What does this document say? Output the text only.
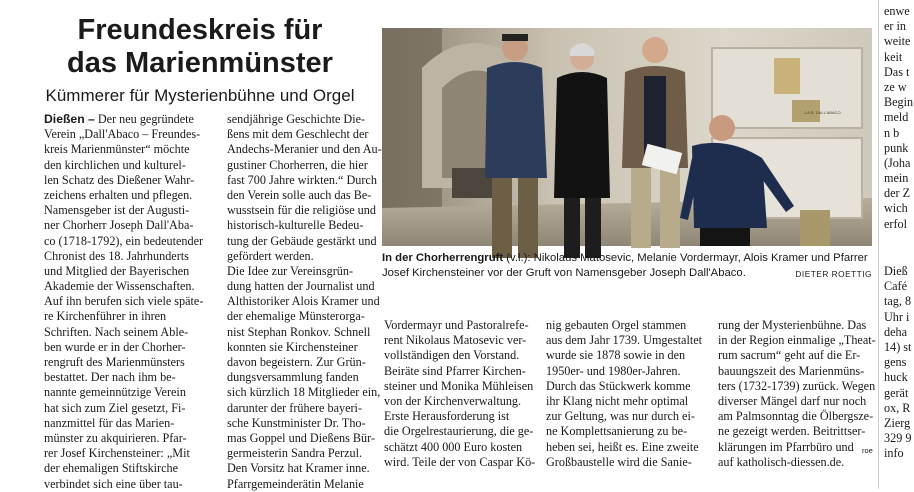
Freundeskreis für
das Marienmünster
Kümmerer für Mysterienbühne und Orgel
Dießen – Der neu gegründete
Verein „Dall'Abaco – Freundes-
kreis Marienmünster“ möchte
den kirchlichen und kulturel-
len Schatz des Dießener Wahr-
zeichens erhalten und pflegen.
Namensgeber ist der Augusti-
ner Chorherr Joseph Dall'Aba-
co (1718-1792), ein bedeutender
Chronist des 18. Jahrhunderts
und Mitglied der Bayerischen
Akademie der Wissenschaften.
Auf ihn berufen sich viele späte-
re Kirchenführer in ihren
Schriften. Nach seinem Able-
ben wurde er in der Chorher-
rengruft des Marienmünsters
bestattet. Der nach ihm be-
nannte gemeinnützige Verein
hat sich zum Ziel gesetzt, Fi-
nanzmittel für das Marien-
münster zu akquirieren. Pfar-
rer Josef Kirchensteiner: „Mit
der ehemaligen Stiftskirche
verbindet sich eine über tau-
sendjährige Geschichte Die-
ßens mit dem Geschlecht der
Andechs-Meranier und den Au-
gustiner Chorherren, die hier
fast 700 Jahre wirkten.“ Durch
den Verein solle auch das Be-
wusstsein für die religiöse und
historisch-kulturelle Bedeu-
tung der Gebäude gestärkt und
gefördert werden.
Die Idee zur Vereinsgrün-
dung hatten der Journalist und
Althistoriker Alois Kramer und
der ehemalige Münsterorga-
nist Stephan Ronkov. Schnell
konnten sie Kirchensteiner
davon begeistern. Zur Grün-
dungsversammlung fanden
sich kürzlich 18 Mitglieder ein,
darunter der frühere bayeri-
sche Kunstminister Dr. Tho-
mas Goppel und Dießens Bür-
germeisterin Sandra Perzul.
Den Vorsitz hat Kramer inne.
Pfarrgemeinderätin Melanie
J.A.B. DALL'ABACO
In der Chorherrengruft (v.l.): Nikolaus Matosevic, Melanie Vordermayr, Alois Kramer und Pfarrer Josef Kirchensteiner vor der Gruft von Namensgeber Joseph Dall'Abaco.	DIETER ROETTIG
Vordermayr und Pastoralrefe-
rent Nikolaus Matosevic ver-
vollständigen den Vorstand.
Beiräte sind Pfarrer Kirchen-
steiner und Monika Mühleisen
von der Kirchenverwaltung.
Erste Herausforderung ist
die Orgelrestaurierung, die ge-
schätzt 400 000 Euro kosten
wird. Teile der von Caspar Kö-
nig gebauten Orgel stammen
aus dem Jahr 1739. Umgestaltet
wurde sie 1878 sowie in den
1950er- und 1980er-Jahren.
Durch das Stückwerk komme
ihr Klang nicht mehr optimal
zur Geltung, was nur durch ei-
ne Komplettsanierung zu be-
heben sei, heißt es. Eine zweite
Großbaustelle wird die Sanie-
rung der Mysterienbühne. Das
in der Region einmalige „Theat-
rum sacrum“ geht auf die Er-
bauungszeit des Marienmüns-
ters (1732-1739) zurück. Wegen
diverser Mängel darf nur noch
am Palmsonntag die Ölbergsze-
ne gezeigt werden. Beitrittser-
klärungen im Pfarrbüro und
auf katholisch-diessen.de.
roe
enwe
er in
weite
keit
Das t
ze w
Begin
meld
n b
punk
(Joha
mein
der Z
wich
erfol
Dieß
Café
tag, 8
Uhr i
deha
14) st
gens
huck
gerät
ox, R
Zierg
329 9
info
